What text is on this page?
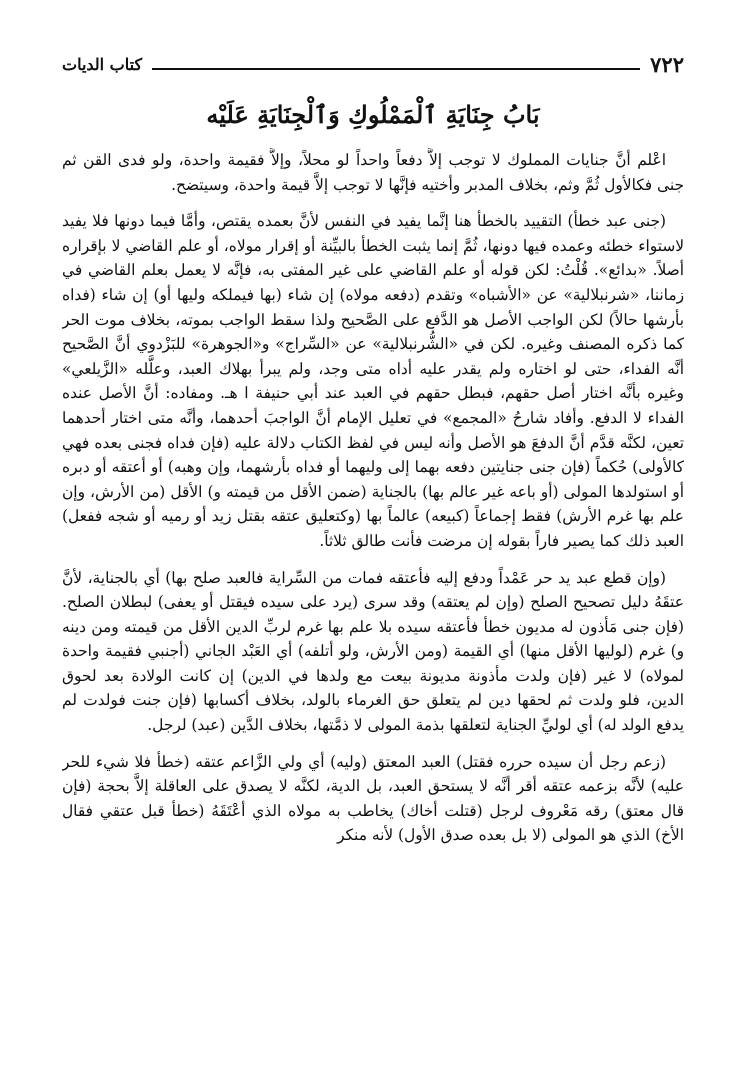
٧٢٢
كتاب الديات
بَابُ جِنَايَةِ ٱلْمَمْلُوكِ وَٱلْجِنَايَةِ عَلَيْه

اعْلم أنَّ جنايات المملوك لا توجب إلاَّ دفعاً واحداً لو محلاً، وإلاَّ فقيمة واحدة، ولو فدى القن ثم جنى فكالأول ثُمَّ وثم، بخلاف المدبر وأختيه فإنَّها لا توجب إلاَّ قيمة واحدة، وسيتضح.

(جنى عبد خطأ) التقييد بالخطأ هنا إنَّما يفيد في النفس لأنَّ بعمده يقتص، وأمَّا فيما دونها فلا يفيد لاستواء خطئه وعمده فيها دونها، ثُمَّ إنما يثبت الخطأ بالبيِّنة أو إقرار مولاه، أو علم القاضي لا بإقراره أصلاً. «بدائع». قُلْتُ: لكن قوله أو علم القاضي على غير المفتى به، فإنَّه لا يعمل بعلم القاضي في زماننا، «شرنبلالية» عن «الأشباه» وتقدم (دفعه مولاه) إن شاء (بها فيملكه وليها أو) إن شاء (فداه بأرشها حالاً) لكن الواجب الأصل هو الدَّفع على الصَّحيح ولذا سقط الواجب بموته، بخلاف موت الحر كما ذكره المصنف وغيره. لكن في «الشُّرنبلالية» عن «السِّراج» و«الجوهرة» للبَزْدوي أنَّ الصَّحيح أنَّه الفداء، حتى لو اختاره ولم يقدر عليه أداه متى وجد، ولم يبرأ بهلاك العبد، وعلَّله «الزَّيلعي» وغيره بأنَّه اختار أصل حقهم، فبطل حقهم في العبد عند أبي حنيفة ا هـ. ومفاده: أنَّ الأصل عنده الفداء لا الدفع. وأفاد شارحُ «المجمع» في تعليل الإمام أنَّ الواجبَ أحدهما، وأنَّه متى اختار أحدهما تعين، لكنَّه قدَّم أنَّ الدفعَ هو الأصل وأنه ليس في لفظ الكتاب دلالة عليه (فإن فداه فجنى بعده فهي كالأولى) حُكماً (فإن جنى جنايتين دفعه بهما إلى وليهما أو فداه بأرشهما، وإن وهبه) أو أعتقه أو دبره أو استولدها المولى (أو باعه غير عالم بها) بالجناية (ضمن الأقل من قيمته و) الأقل (من الأرش، وإن علم بها غرم الأرش) فقط إجماعاً (كبيعه) عالماً بها (وكتعليق عتقه بقتل زيد أو رميه أو شجه ففعل) العبد ذلك كما يصير فاراً بقوله إن مرضت فأنت طالق ثلاثاً.

(وإن قطع عبد يد حر عَمْداً ودفع إليه فأعتقه فمات من السِّراية فالعبد صلح بها) أي بالجناية، لأنَّ عتقَهُ دليل تصحيح الصلح (وإن لم يعتقه) وقد سرى (يرد على سيده فيقتل أو يعفى) لبطلان الصلح. (فإن جنى مَأذون له مديون خطأ فأعتقه سيده بلا علم بها غرم لربِّ الدين الأقل من قيمته ومن دينه و) غرم (لوليها الأقل منها) أي القيمة (ومن الأرش، ولو أتلفه) أي العَبْد الجاني (أجنبي فقيمة واحدة لمولاه) لا غير (فإن ولدت مأذونة مديونة بيعت مع ولدها في الدين) إن كانت الولادة بعد لحوق الدين، فلو ولدت ثم لحقها دين لم يتعلق حق الغرماء بالولد، بخلاف أكسابها (فإن جنت فولدت لم يدفع الولد له) أي لوليِّ الجناية لتعلقها بذمة المولى لا ذمَّتها، بخلاف الدَّين (عبد) لرجل.

(زعم رجل أن سيده حرره فقتل) العبد المعتق (وليه) أي ولي الزَّاعم عتقه (خطأ فلا شيء للحر عليه) لأنَّه بزعمه عتقه أقر أنَّه لا يستحق العبد، بل الدية، لكنَّه لا يصدق على العاقلة إلاَّ بحجة (فإن قال معتق) رقه مَعْروف لرجل (قتلت أخاك) يخاطب به مولاه الذي أعْتَقَهُ (خطأ قبل عتقي فقال الأخ) الذي هو المولى (لا بل بعده صدق الأول) لأنه منكر
